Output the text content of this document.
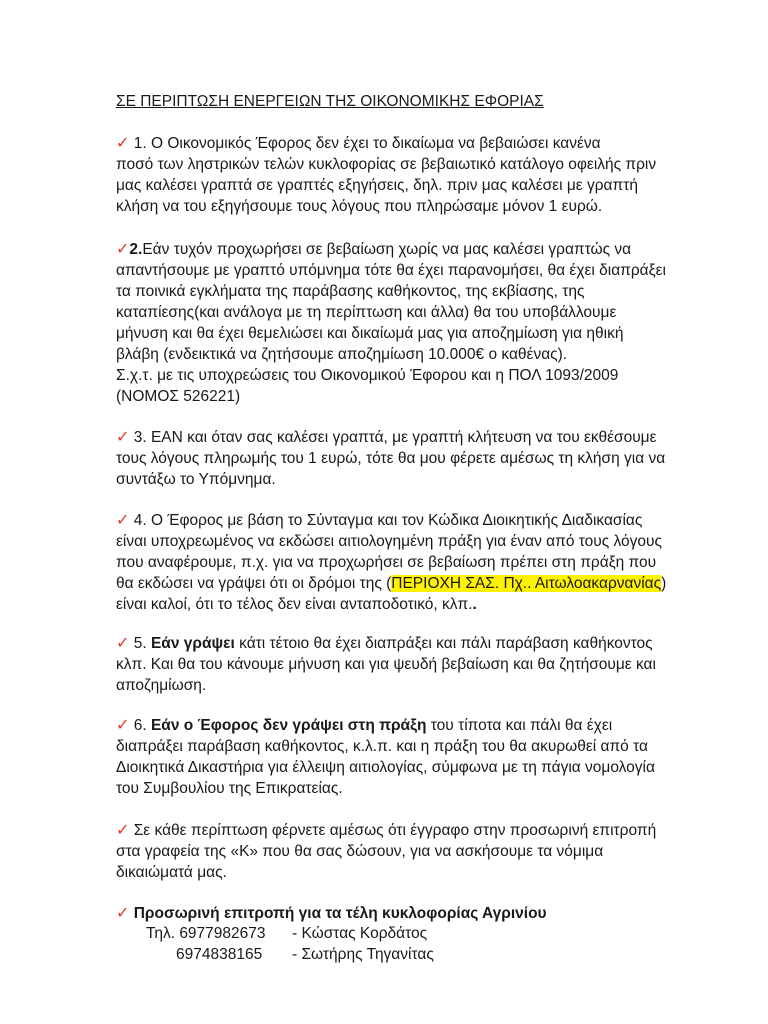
ΣΕ ΠΕΡΙΠΤΩΣΗ ΕΝΕΡΓΕΙΩΝ ΤΗΣ ΟΙΚΟΝΟΜΙΚΗΣ ΕΦΟΡΙΑΣ
✓ 1. Ο Οικονομικός Έφορος δεν έχει το δικαίωμα να βεβαιώσει κανένα
ποσό των ληστρικών τελών κυκλοφορίας σε βεβαιωτικό κατάλογο οφειλής πριν
μας καλέσει γραπτά σε γραπτές εξηγήσεις, δηλ. πριν μας καλέσει με γραπτή
κλήση να του εξηγήσουμε τους λόγους που πληρώσαμε μόνον 1 ευρώ.
✓2.Εάν τυχόν προχωρήσει σε βεβαίωση χωρίς να μας καλέσει γραπτώς να
απαντήσουμε με γραπτό υπόμνημα τότε θα έχει παρανομήσει, θα έχει διαπράξει
τα ποινικά εγκλήματα της παράβασης καθήκοντος, της εκβίασης, της
καταπίεσης(και ανάλογα με τη περίπτωση και άλλα) θα του υποβάλλουμε
μήνυση και θα έχει θεμελιώσει και δικαίωμά μας για αποζημίωση για ηθική
βλάβη (ενδεικτικά να ζητήσουμε αποζημίωση 10.000€ ο καθένας).
Σ.χ.τ. με τις υποχρεώσεις του Οικονομικού Έφορου και η ΠΟΛ 1093/2009
(ΝΟΜΟΣ 526221)
✓ 3. ΕΑΝ και όταν σας καλέσει γραπτά, με γραπτή κλήτευση να του εκθέσουμε
τους λόγους πληρωμής του 1 ευρώ, τότε θα μου φέρετε αμέσως τη κλήση για να
συντάξω το Υπόμνημα.
✓ 4. Ο Έφορος με βάση το Σύνταγμα και τον Κώδικα Διοικητικής Διαδικασίας
είναι υποχρεωμένος να εκδώσει αιτιολογημένη πράξη για έναν από τους λόγους
που αναφέρουμε, π.χ. για να προχωρήσει σε βεβαίωση πρέπει στη πράξη που
θα εκδώσει να γράψει ότι οι δρόμοι της (ΠΕΡΙΟΧΗ ΣΑΣ. Πχ.. Αιτωλοακαρνανίας)
είναι καλοί, ότι το τέλος δεν είναι ανταποδοτικό, κλπ..
✓ 5. Εάν γράψει κάτι τέτοιο θα έχει διαπράξει και πάλι παράβαση καθήκοντος
κλπ. Και θα του κάνουμε μήνυση και για ψευδή βεβαίωση και θα ζητήσουμε και
αποζημίωση.
✓ 6. Εάν ο Έφορος δεν γράψει στη πράξη του τίποτα και πάλι θα έχει
διαπράξει παράβαση καθήκοντος, κ.λ.π. και η πράξη του θα ακυρωθεί από τα
Διοικητικά Δικαστήρια για έλλειψη αιτιολογίας, σύμφωνα με τη πάγια νομολογία
του Συμβουλίου της Επικρατείας.
✓ Σε κάθε περίπτωση φέρνετε αμέσως ότι έγγραφο στην προσωρινή επιτροπή
στα γραφεία της «Κ» που θα σας δώσουν, για να ασκήσουμε τα νόμιμα
δικαιώματά μας.
✓ Προσωρινή επιτροπή για τα τέλη κυκλοφορίας Αγρινίου
Τηλ. 6977982673 - Κώστας Κορδάτος
6974838165 - Σωτήρης Τηγανίτας
